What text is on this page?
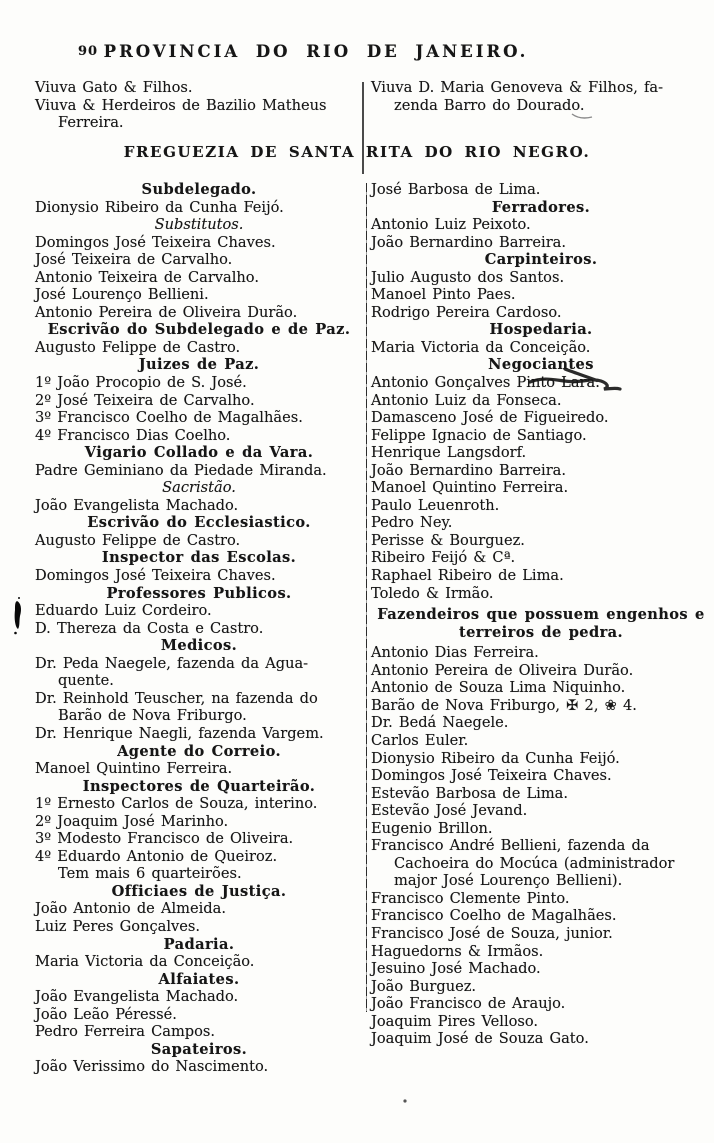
90 PROVINCIA DO RIO DE JANEIRO.
Viuva Gato & Filhos.
Viuva & Herdeiros de Bazilio Matheus
Ferreira.
Viuva D. Maria Genoveva & Filhos, fa-
zenda Barro do Dourado.
FREGUEZIA DE SANTA RITA DO RIO NEGRO.
Subdelegado.
Dionysio Ribeiro da Cunha Feijó.
Substitutos.
Domingos José Teixeira Chaves.
José Teixeira de Carvalho.
Antonio Teixeira de Carvalho.
José Lourenço Bellieni.
Antonio Pereira de Oliveira Durão.
Escrivão do Subdelegado e de Paz.
Augusto Felippe de Castro.
Juizes de Paz.
1º João Procopio de S. José.
2º José Teixeira de Carvalho.
3º Francisco Coelho de Magalhães.
4º Francisco Dias Coelho.
Vigario Collado e da Vara.
Padre Geminiano da Piedade Miranda.
Sacristão.
João Evangelista Machado.
Escrivão do Ecclesiastico.
Augusto Felippe de Castro.
Inspector das Escolas.
Domingos José Teixeira Chaves.
Professores Publicos.
Eduardo Luiz Cordeiro.
D. Thereza da Costa e Castro.
Medicos.
Dr. Peda Naegele, fazenda da Agua-
quente.
Dr. Reinhold Teuscher, na fazenda do
Barão de Nova Friburgo.
Dr. Henrique Naegli, fazenda Vargem.
Agente do Correio.
Manoel Quintino Ferreira.
Inspectores de Quarteirão.
1º Ernesto Carlos de Souza, interino.
2º Joaquim José Marinho.
3º Modesto Francisco de Oliveira.
4º Eduardo Antonio de Queiroz.
Tem mais 6 quarteirões.
Officiaes de Justiça.
João Antonio de Almeida.
Luiz Peres Gonçalves.
Padaria.
Maria Victoria da Conceição.
Alfaiates.
João Evangelista Machado.
João Leão Péressé.
Pedro Ferreira Campos.
Sapateiros.
João Verissimo do Nascimento.
José Barbosa de Lima.
Ferradores.
Antonio Luiz Peixoto.
João Bernardino Barreira.
Carpinteiros.
Julio Augusto dos Santos.
Manoel Pinto Paes.
Rodrigo Pereira Cardoso.
Hospedaria.
Maria Victoria da Conceição.
Negociantes
Antonio Gonçalves Pinto Lara.
Antonio Luiz da Fonseca.
Damasceno José de Figueiredo.
Felippe Ignacio de Santiago.
Henrique Langsdorf.
João Bernardino Barreira.
Manoel Quintino Ferreira.
Paulo Leuenroth.
Pedro Ney.
Perisse & Bourguez.
Ribeiro Feijó & Cª.
Raphael Ribeiro de Lima.
Toledo & Irmão.
Fazendeiros que possuem engenhos e
terreiros de pedra.
Antonio Dias Ferreira.
Antonio Pereira de Oliveira Durão.
Antonio de Souza Lima Niquinho.
Barão de Nova Friburgo, ✠ 2, ❀ 4.
Dr. Bedá Naegele.
Carlos Euler.
Dionysio Ribeiro da Cunha Feijó.
Domingos José Teixeira Chaves.
Estevão Barbosa de Lima.
Estevão José Jevand.
Eugenio Brillon.
Francisco André Bellieni, fazenda da
Cachoeira do Mocúca (administrador
major José Lourenço Bellieni).
Francisco Clemente Pinto.
Francisco Coelho de Magalhães.
Francisco José de Souza, junior.
Haguedorns & Irmãos.
Jesuino José Machado.
João Burguez.
João Francisco de Araujo.
Joaquim Pires Velloso.
Joaquim José de Souza Gato.
